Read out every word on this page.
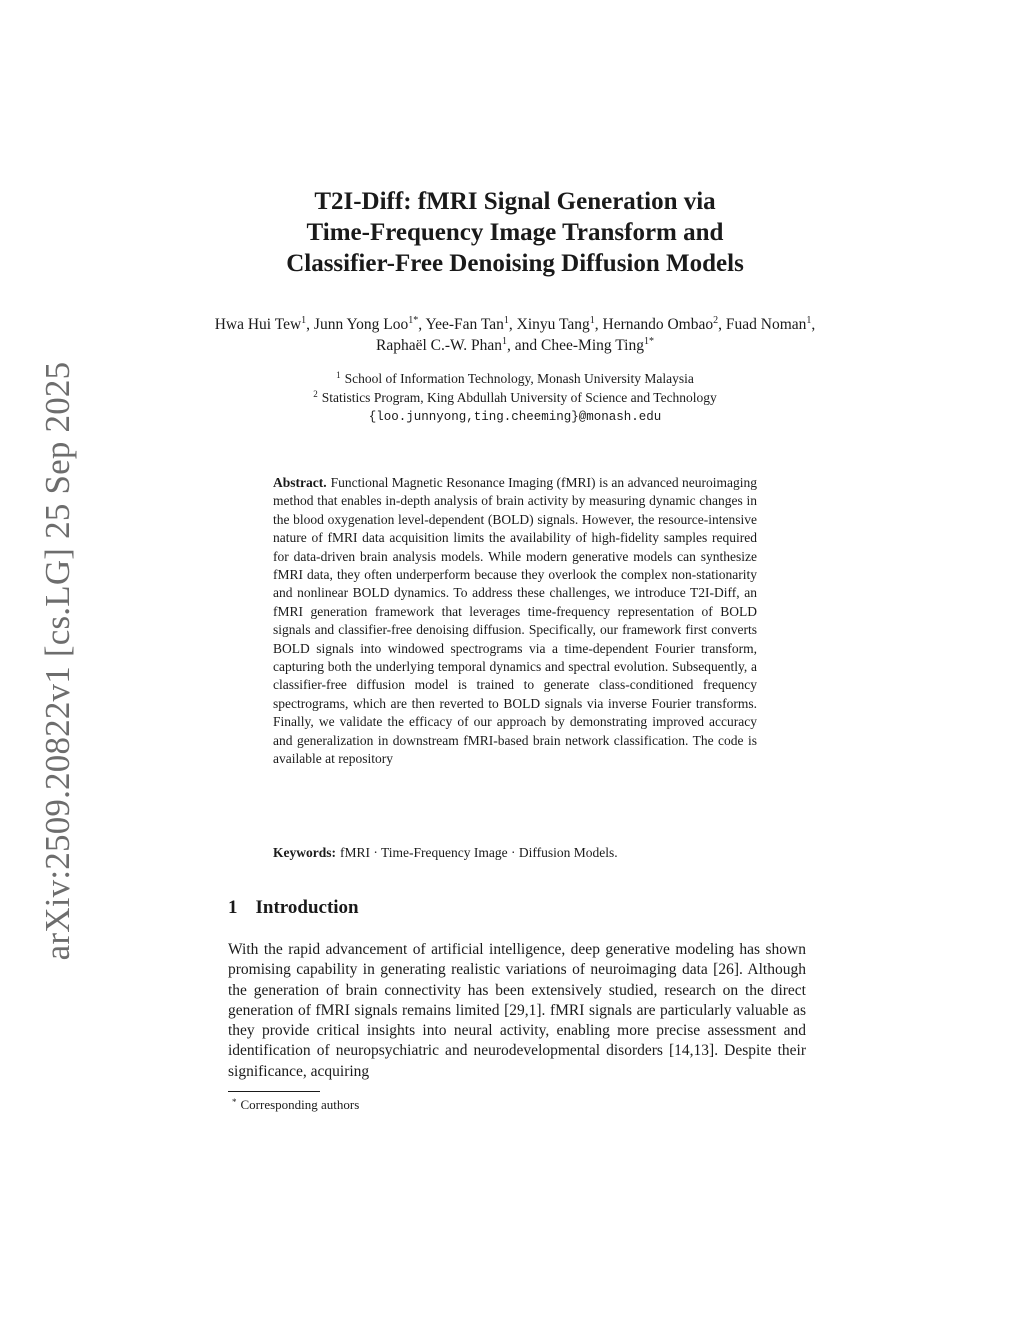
arXiv:2509.20822v1 [cs.LG] 25 Sep 2025
T2I-Diff: fMRI Signal Generation via
Time-Frequency Image Transform and
Classifier-Free Denoising Diffusion Models
Hwa Hui Tew$^1$, Junn Yong Loo$^{1*}$, Yee-Fan Tan$^1$, Xinyu Tang$^1$, Hernando Ombao$^2$, Fuad Noman$^1$, Raphaël C.-W. Phan$^1$, and Chee-Ming Ting$^{1*}$
$^1$ School of Information Technology, Monash University Malaysia
$^2$ Statistics Program, King Abdullah University of Science and Technology
{loo.junnyong,ting.cheeming}@monash.edu
Abstract. Functional Magnetic Resonance Imaging (fMRI) is an advanced neuroimaging method that enables in-depth analysis of brain activity by measuring dynamic changes in the blood oxygenation level-dependent (BOLD) signals. However, the resource-intensive nature of fMRI data acquisition limits the availability of high-fidelity samples required for data-driven brain analysis models. While modern generative models can synthesize fMRI data, they often underperform because they overlook the complex non-stationarity and nonlinear BOLD dynamics. To address these challenges, we introduce T2I-Diff, an fMRI generation framework that leverages time-frequency representation of BOLD signals and classifier-free denoising diffusion. Specifically, our framework first converts BOLD signals into windowed spectrograms via a time-dependent Fourier transform, capturing both the underlying temporal dynamics and spectral evolution. Subsequently, a classifier-free diffusion model is trained to generate class-conditioned frequency spectrograms, which are then reverted to BOLD signals via inverse Fourier transforms. Finally, we validate the efficacy of our approach by demonstrating improved accuracy and generalization in downstream fMRI-based brain network classification. The code is available at repository
Keywords: fMRI · Time-Frequency Image · Diffusion Models.
1 Introduction
With the rapid advancement of artificial intelligence, deep generative modeling has shown promising capability in generating realistic variations of neuroimaging data [26]. Although the generation of brain connectivity has been extensively studied, research on the direct generation of fMRI signals remains limited [29,1]. fMRI signals are particularly valuable as they provide critical insights into neural activity, enabling more precise assessment and identification of neuropsychiatric and neurodevelopmental disorders [14,13]. Despite their significance, acquiring
* Corresponding authors
